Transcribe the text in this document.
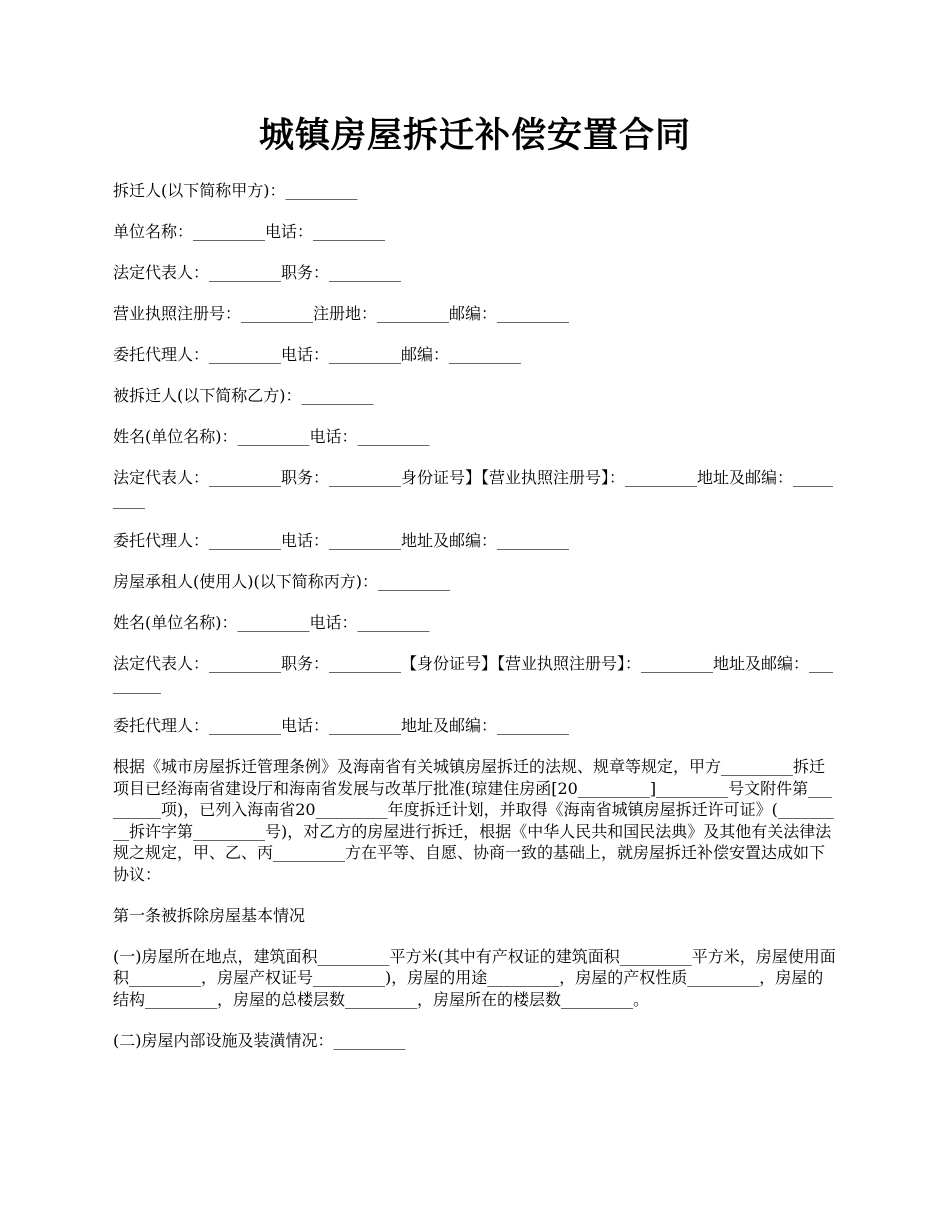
城镇房屋拆迁补偿安置合同

拆迁人(以下简称甲方)：_________

单位名称：_________电话：_________

法定代表人：_________职务：_________

营业执照注册号：_________注册地：_________邮编：_________

委托代理人：_________电话：_________邮编：_________

被拆迁人(以下简称乙方)：_________

姓名(单位名称)：_________电话：_________

法定代表人：_________职务：_________身份证号】【营业执照注册号】：_________地址及邮编：_________

委托代理人：_________电话：_________地址及邮编：_________

房屋承租人(使用人)(以下简称丙方)：_________

姓名(单位名称)：_________电话：_________

法定代表人：_________职务：_________【身份证号】【营业执照注册号】：_________地址及邮编：_________

委托代理人：_________电话：_________地址及邮编：_________

根据《城市房屋拆迁管理条例》及海南省有关城镇房屋拆迁的法规、规章等规定，甲方_________拆迁项目已经海南省建设厅和海南省发展与改革厅批准(琼建住房函[20_________]_________号文附件第_________项)，已列入海南省20_________年度拆迁计划，并取得《海南省城镇房屋拆迁许可证》(_________拆许字第_________号)，对乙方的房屋进行拆迁，根据《中华人民共和国民法典》及其他有关法律法规之规定，甲、乙、丙_________方在平等、自愿、协商一致的基础上，就房屋拆迁补偿安置达成如下协议：

第一条被拆除房屋基本情况

(一)房屋所在地点，建筑面积_________平方米(其中有产权证的建筑面积_________平方米，房屋使用面积_________，房屋产权证号_________)，房屋的用途_________，房屋的产权性质_________，房屋的结构_________，房屋的总楼层数_________，房屋所在的楼层数_________。

(二)房屋内部设施及装潢情况：_________
